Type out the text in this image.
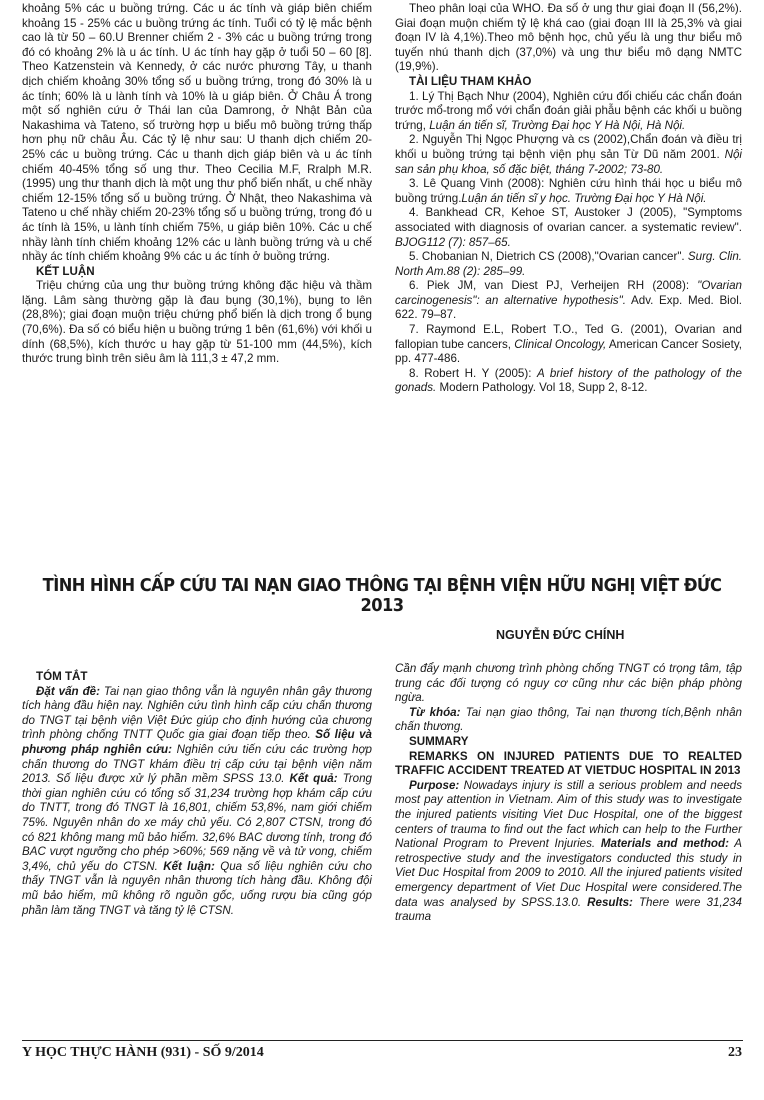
khoảng 5% các u buồng trứng. Các u ác tính và giáp biên chiếm khoảng 15 - 25% các u buồng trứng ác tính. Tuổi có tỷ lệ mắc bệnh cao là từ 50 – 60.U Brenner chiếm 2 - 3% các u buồng trứng trong đó có khoảng 2% là u ác tính. U ác tính hay gặp ở tuổi 50 – 60 [8]. Theo Katzenstein và Kennedy, ở các nước phương Tây, u thanh dịch chiếm khoảng 30% tổng số u buồng trứng, trong đó 30% là u ác tính; 60% là u lành tính và 10% là u giáp biên. Ở Châu Á trong một số nghiên cứu ở Thái lan của Damrong, ở Nhật Bản của Nakashima và Tateno, số trường hợp u biểu mô buồng trứng thấp hơn phụ nữ châu Âu. Các tỷ lệ như sau: U thanh dịch chiếm 20-25% các u buồng trứng. Các u thanh dịch giáp biên và u ác tính chiếm 40-45% tổng số ung thư. Theo Cecilia M.F, Rralph M.R. (1995) ung thư thanh dịch là một ung thư phổ biến nhất, u chế nhầy chiếm 12-15% tổng số u buồng trứng. Ở Nhật, theo Nakashima và Tateno u chế nhầy chiếm 20-23% tổng số u buồng trứng, trong đó u ác tính là 15%, u lành tính chiếm 75%, u giáp biên 10%. Các u chế nhầy lành tính chiếm khoảng 12% các u lành buồng trứng và u chế nhầy ác tính chiếm khoảng 9% các u ác tính ở buồng trứng.

KẾT LUẬN

Triệu chứng của ung thư buồng trứng không đặc hiệu và thầm lặng. Lâm sàng thường gặp là đau bụng (30,1%), bụng to lên (28,8%); giai đoạn muộn triệu chứng phổ biến là dịch trong ổ bụng (70,6%). Đa số có biểu hiện u buồng trứng 1 bên (61,6%) với khối u dính (68,5%), kích thước u hay gặp từ 51-100 mm (44,5%), kích thước trung bình trên siêu âm là 111,3 ± 47,2 mm.

Theo phân loại của WHO. Đa số ở ung thư giai đoạn II (56,2%). Giai đoạn muộn chiếm tỷ lệ khá cao (giai đoạn III là 25,3% và giai đoạn IV là 4,1%).Theo mô bệnh học, chủ yếu là ung thư biểu mô tuyến nhú thanh dịch (37,0%) và ung thư biểu mô dạng NMTC (19,9%).

TÀI LIỆU THAM KHẢO

1. Lý Thị Bạch Như (2004), Nghiên cứu đối chiếu các chẩn đoán trước mổ-trong mổ với chẩn đoán giải phẫu bệnh các khối u buồng trứng, Luận án tiến sĩ, Trường Đại học Y Hà Nội, Hà Nội.

2. Nguyễn Thị Ngọc Phượng và cs (2002),Chẩn đoán và điều trị khối u buồng trứng tại bệnh viện phụ sản Từ Dũ năm 2001. Nội san sản phụ khoa, số đặc biệt, tháng 7-2002; 73-80.

3. Lê Quang Vinh (2008): Nghiên cứu hình thái học u biểu mô buồng trứng.Luận án tiến sĩ y học. Trường Đại học Y Hà Nội.

4. Bankhead CR, Kehoe ST, Austoker J (2005), "Symptoms associated with diagnosis of ovarian cancer. a systematic review". BJOG112 (7): 857–65.

5. Chobanian N, Dietrich CS (2008),"Ovarian cancer". Surg. Clin. North Am.88 (2): 285–99.

6. Piek JM, van Diest PJ, Verheijen RH (2008): "Ovarian carcinogenesis": an alternative hypothesis". Adv. Exp. Med. Biol. 622. 79–87.

7. Raymond E.L, Robert T.O., Ted G. (2001), Ovarian and fallopian tube cancers, Clinical Oncology, American Cancer Sosiety, pp. 477-486.

8. Robert H. Y (2005): A brief history of the pathology of the gonads. Modern Pathology. Vol 18, Supp 2, 8-12.

TÌNH HÌNH CẤP CỨU TAI NẠN GIAO THÔNG TẠI BỆNH VIỆN HỮU NGHỊ VIỆT ĐỨC 2013
NGUYỄN ĐỨC CHÍNH
TÓM TẮT

Đặt vấn đề: Tai nạn giao thông vẫn là nguyên nhân gây thương tích hàng đầu hiện nay. Nghiên cứu tình hình cấp cứu chấn thương do TNGT tại bệnh viện Việt Đức giúp cho định hướng của chương trình phòng chống TNTT Quốc gia giai đoạn tiếp theo. Số liệu và phương pháp nghiên cứu: Nghiên cứu tiến cứu các trường hợp chấn thương do TNGT khám điều trị cấp cứu tại bệnh viện năm 2013. Số liệu được xử lý phần mềm SPSS 13.0. Kết quả: Trong thời gian nghiên cứu có tổng số 31,234 trường hợp khám cấp cứu do TNTT, trong đó TNGT là 16,801, chiếm 53,8%, nam giới chiếm 75%. Nguyên nhân do xe máy chủ yếu. Có 2,807 CTSN, trong đó có 821 không mang mũ bảo hiểm. 32,6% BAC dương tính, trong đó BAC vượt ngưỡng cho phép >60%; 569 nặng về và tử vong, chiếm 3,4%, chủ yếu do CTSN. Kết luận: Qua số liệu nghiên cứu cho thấy TNGT vẫn là nguyên nhân thương tích hàng đầu. Không đội mũ bảo hiểm, mũ không rõ nguồn gốc, uống rượu bia cũng góp phần làm tăng TNGT và tăng tỷ lệ CTSN.

Cần đẩy mạnh chương trình phòng chống TNGT có trọng tâm, tập trung các đối tượng có nguy cơ cũng như các biện pháp phòng ngừa.

Từ khóa: Tai nạn giao thông, Tai nạn thương tích,Bệnh nhân chấn thương.

SUMMARY

REMARKS ON INJURED PATIENTS DUE TO REALTED TRAFFIC ACCIDENT TREATED AT VIETDUC HOSPITAL IN 2013

Purpose: Nowadays injury is still a serious problem and needs most pay attention in Vietnam. Aim of this study was to investigate the injured patients visiting Viet Duc Hospital, one of the biggest centers of trauma to find out the fact which can help to the Further National Program to Prevent Injuries. Materials and method: A retrospective study and the investigators conducted this study in Viet Duc Hospital from 2009 to 2010. All the injured patients visited emergency department of Viet Duc Hospital were considered.The data was analysed by SPSS.13.0. Results: There were 31,234 trauma

Y HỌC THỰC HÀNH (931) - SỐ 9/2014	23
